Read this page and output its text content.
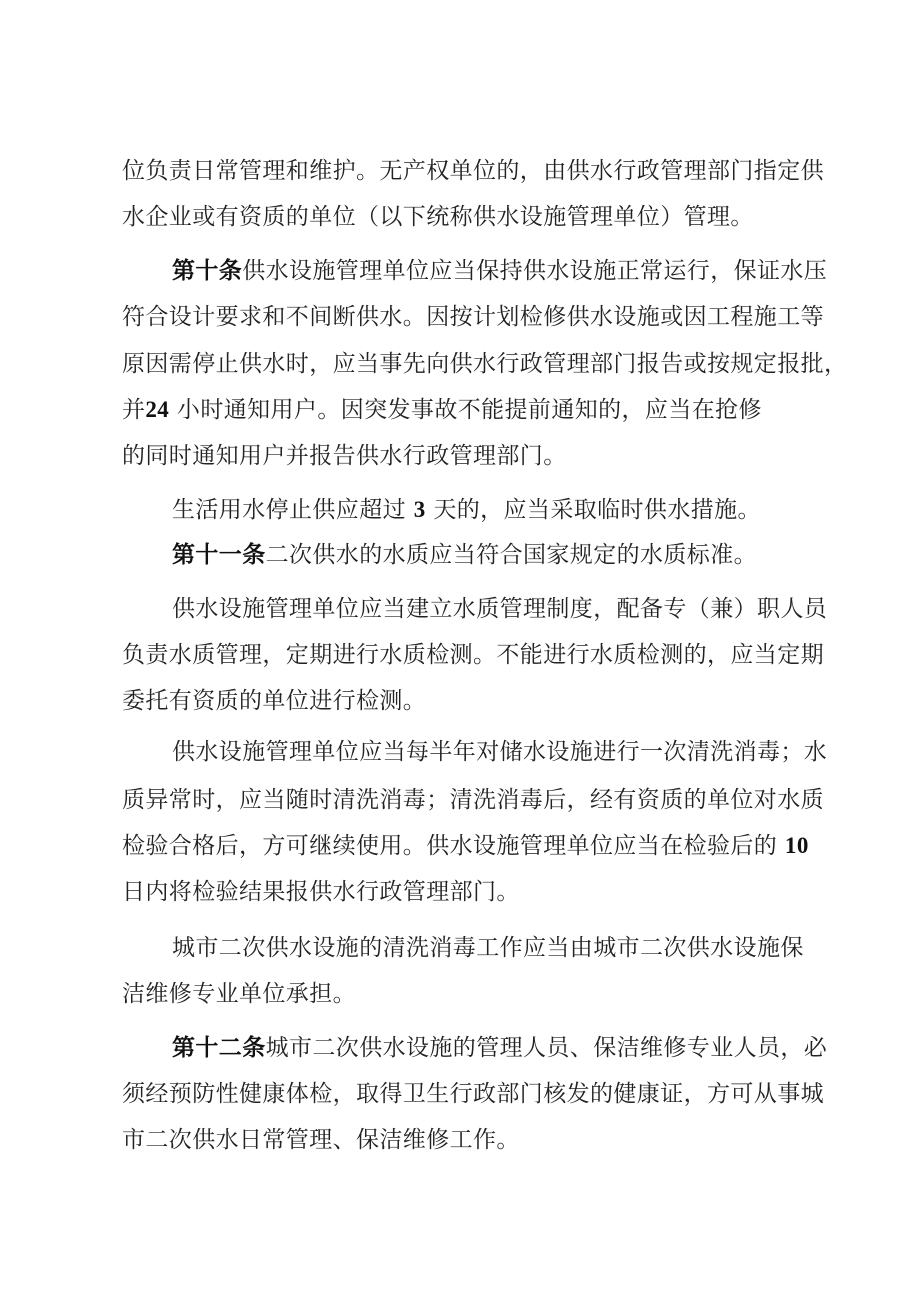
位负责日常管理和维护。无产权单位的，由供水行政管理部门指定供
水企业或有资质的单位（以下统称供水设施管理单位）管理。
第十条供水设施管理单位应当保持供水设施正常运行，保证水压
符合设计要求和不间断供水。因按计划检修供水设施或因工程施工等
原因需停止供水时，应当事先向供水行政管理部门报告或按规定报批，
并24 小时通知用户。因突发事故不能提前通知的，应当在抢修
的同时通知用户并报告供水行政管理部门。
生活用水停止供应超过 3 天的，应当采取临时供水措施。
第十一条二次供水的水质应当符合国家规定的水质标准。
供水设施管理单位应当建立水质管理制度，配备专（兼）职人员
负责水质管理，定期进行水质检测。不能进行水质检测的，应当定期
委托有资质的单位进行检测。
供水设施管理单位应当每半年对储水设施进行一次清洗消毒；水
质异常时，应当随时清洗消毒；清洗消毒后，经有资质的单位对水质
检验合格后，方可继续使用。供水设施管理单位应当在检验后的 10
日内将检验结果报供水行政管理部门。
城市二次供水设施的清洗消毒工作应当由城市二次供水设施保
洁维修专业单位承担。
第十二条城市二次供水设施的管理人员、保洁维修专业人员，必
须经预防性健康体检，取得卫生行政部门核发的健康证，方可从事城
市二次供水日常管理、保洁维修工作。
